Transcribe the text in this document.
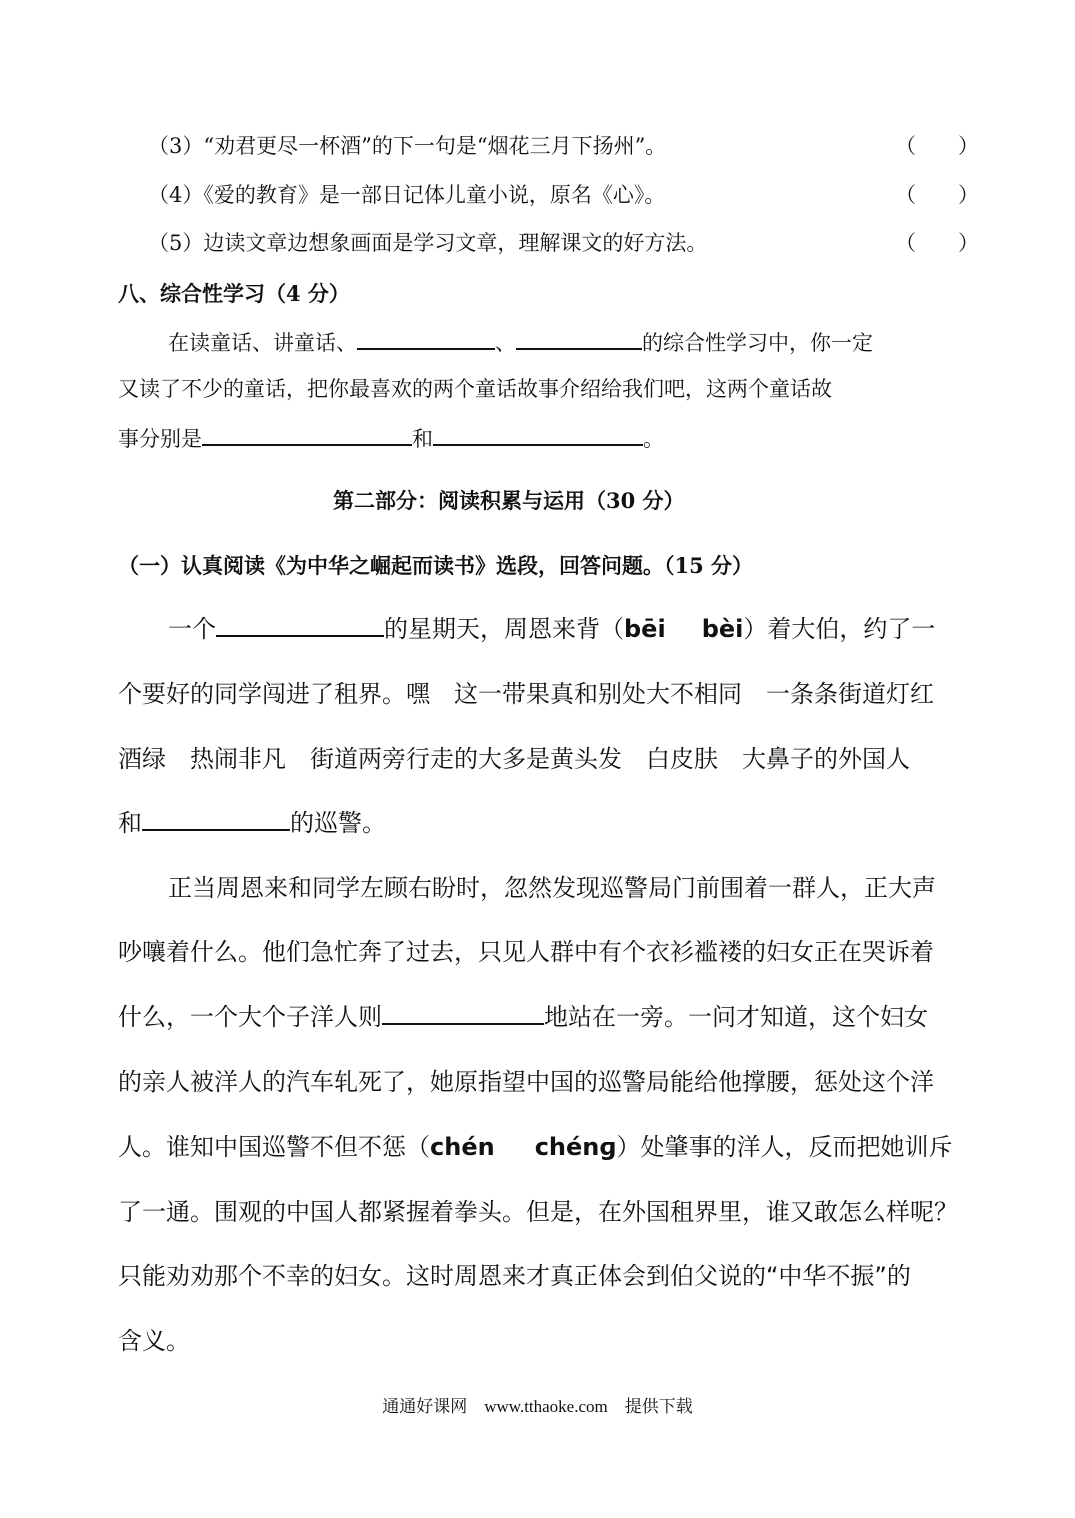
（3）“劝君更尽一杯酒”的下一句是“烟花三月下扬州”。	（　　）
（4）《爱的教育》是一部日记体儿童小说，原名《心》。	（　　）
（5）边读文章边想象画面是学习文章，理解课文的好方法。	（　　）
八、综合性学习（4 分）
在读童话、讲童话、	、	的综合性学习中，你一定
又读了不少的童话，把你最喜欢的两个童话故事介绍给我们吧，这两个童话故
事分别是	和	。
第二部分：阅读积累与运用（30 分）
（一）认真阅读《为中华之崛起而读书》选段，回答问题。（15 分）
一个	的星期天，周恩来背（bēi bèi）着大伯，约了一
个要好的同学闯进了租界。嘿　这一带果真和别处大不相同　一条条街道灯红
酒绿　热闹非凡　街道两旁行走的大多是黄头发　白皮肤　大鼻子的外国人
和	的巡警。
正当周恩来和同学左顾右盼时，忽然发现巡警局门前围着一群人，正大声
吵嚷着什么。他们急忙奔了过去，只见人群中有个衣衫褴褛的妇女正在哭诉着
什么，一个大个子洋人则	地站在一旁。一问才知道，这个妇女
的亲人被洋人的汽车轧死了，她原指望中国的巡警局能给他撑腰，惩处这个洋
人。谁知中国巡警不但不惩（chén chénɡ）处肇事的洋人，反而把她训斥
了一通。围观的中国人都紧握着拳头。但是，在外国租界里，谁又敢怎么样呢？
只能劝劝那个不幸的妇女。这时周恩来才真正体会到伯父说的“中华不振”的
含义。
通通好课网　www.tthaoke.com　提供下载
